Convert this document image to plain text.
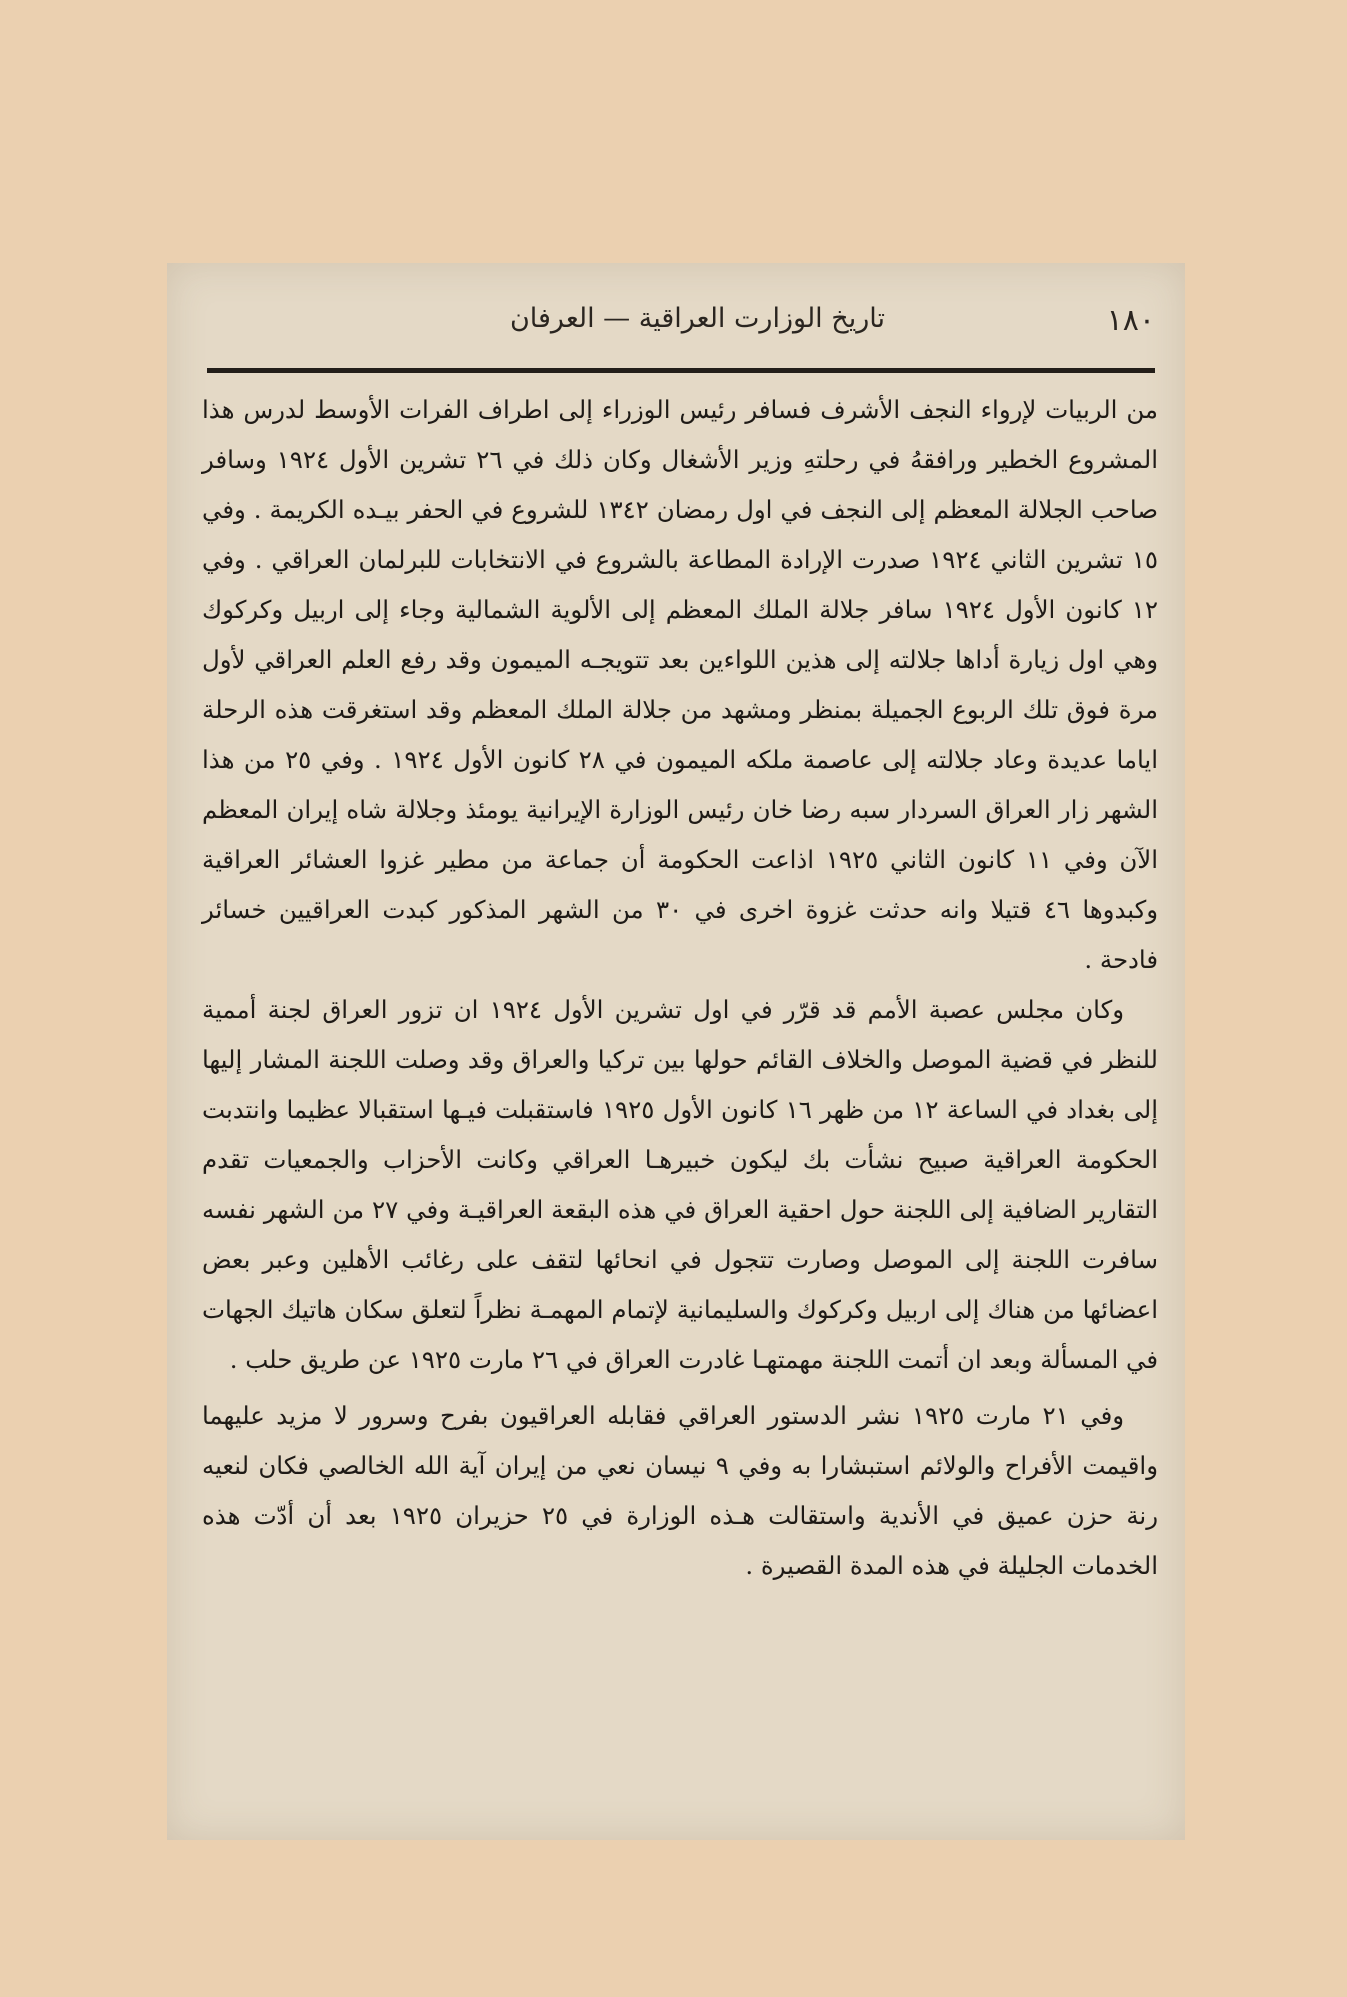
١٨٠
تاريخ الوزارت العراقية — العرفان

من الربيات لإرواء النجف الأشرف فسافر رئيس الوزراء إلى اطراف الفرات الأوسط لدرس هذا المشروع الخطير ورافقهُ في رحلتهِ وزير الأشغال وكان ذلك في ٢٦ تشرين الأول ١٩٢٤ وسافر صاحب الجلالة المعظم إلى النجف في اول رمضان ١٣٤٢ للشروع في الحفر بيـده الكريمة . وفي ١٥ تشرين الثاني ١٩٢٤ صدرت الإرادة المطاعة بالشروع في الانتخابات للبرلمان العراقي . وفي ١٢ كانون الأول ١٩٢٤ سافر جلالة الملك المعظم إلى الألوية الشمالية وجاء إلى اربيل وكركوك وهي اول زيارة أداها جلالته إلى هذين اللواءين بعد تتويجـه الميمون وقد رفع العلم العراقي لأول مرة فوق تلك الربوع الجميلة بمنظر ومشهد من جلالة الملك المعظم وقد استغرقت هذه الرحلة اياما عديدة وعاد جلالته إلى عاصمة ملكه الميمون في ٢٨ كانون الأول ١٩٢٤ . وفي ٢٥ من هذا الشهر زار العراق السردار سبه رضا خان رئيس الوزارة الإيرانية يومئذ وجلالة شاه إيران المعظم الآن وفي ١١ كانون الثاني ١٩٢٥ اذاعت الحكومة أن جماعة من مطير غزوا العشائر العراقية وكبدوها ٤٦ قتيلا وانه حدثت غزوة اخرى في ٣٠ من الشهر المذكور كبدت العراقيين خسائر فادحة .

وكان مجلس عصبة الأمم قد قرّر في اول تشرين الأول ١٩٢٤ ان تزور العراق لجنة أممية للنظر في قضية الموصل والخلاف القائم حولها بين تركيا والعراق وقد وصلت اللجنة المشار إليها إلى بغداد في الساعة ١٢ من ظهر ١٦ كانون الأول ١٩٢٥ فاستقبلت فيـها استقبالا عظيما وانتدبت الحكومة العراقية صبيح نشأت بك ليكون خبيرهـا العراقي وكانت الأحزاب والجمعيات تقدم التقارير الضافية إلى اللجنة حول احقية العراق في هذه البقعة العراقيـة وفي ٢٧ من الشهر نفسه سافرت اللجنة إلى الموصل وصارت تتجول في انحائها لتقف على رغائب الأهلين وعبر بعض اعضائها من هناك إلى اربيل وكركوك والسليمانية لإتمام المهمـة نظراً لتعلق سكان هاتيك الجهات في المسألة وبعد ان أتمت اللجنة مهمتهـا غادرت العراق في ٢٦ مارت ١٩٢٥ عن طريق حلب .

وفي ٢١ مارت ١٩٢٥ نشر الدستور العراقي فقابله العراقيون بفرح وسرور لا مزيد عليهما واقيمت الأفراح والولائم استبشارا به وفي ٩ نيسان نعي من إيران آية الله الخالصي فكان لنعيه رنة حزن عميق في الأندية واستقالت هـذه الوزارة في ٢٥ حزيران ١٩٢٥ بعد أن أدّت هذه الخدمات الجليلة في هذه المدة القصيرة .
